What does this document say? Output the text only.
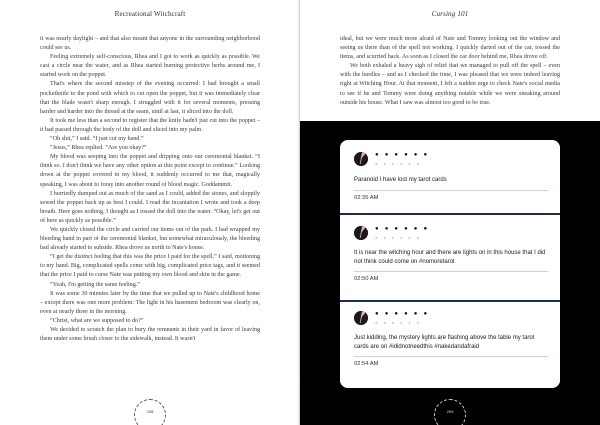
Recreational Witchcraft

it was nearly daylight – and that also meant that anyone in the surrounding neighborhood could see us.

Feeling extremely self-conscious, Rhea and I got to work as quickly as possible. We cast a circle near the water, and as Rhea started burning protective herbs around me, I started work on the poppet.

That's where the second misstep of the evening occurred: I had brought a small pocketknife to the pond with which to cut open the poppet, but it was immediately clear that the blade wasn't sharp enough. I struggled with it for several moments, pressing harder and harder into the thread at the seam, until at last, it sliced into the doll.

It took me less than a second to register that the knife hadn't just cut into the poppet – it had passed through the body of the doll and sliced into my palm.

“Oh shit,” I said. “I just cut my hand.”

“Jesus,” Rhea replied. “Are you okay?”

My blood was seeping into the poppet and dripping onto our ceremonial blanket. “I think so. I don't think we have any other option at this point except to continue.” Looking down at the poppet covered in my blood, it suddenly occurred to me that, magically speaking, I was about to foray into another round of blood magic. Goddammit.

I hurriedly dumped out as much of the sand as I could, added the stones, and sloppily sewed the poppet back up as best I could. I read the incantation I wrote and took a deep breath. Here goes nothing, I thought as I tossed the doll into the water. “Okay, let's get out of here as quickly as possible.”

We quickly closed the circle and carried our items out of the park. I had wrapped my bleeding hand in part of the ceremonial blanket, but somewhat miraculously, the bleeding had already started to subside. Rhea drove us north to Nate's house.

“I get the distinct feeling that this was the price I paid for the spell,” I said, motioning to my hand. Big, complicated spells come with big, complicated price tags, and it seemed that the price I paid to curse Nate was putting my own blood and skin in the game.

“Yeah, I'm getting the same feeling.”

It was some 30 minutes later by the time that we pulled up to Nate's childhood home – except there was one more problem: The light in his basement bedroom was clearly on, even at nearly three in the morning.

“Christ, what are we supposed to do?”

We decided to scratch the plan to bury the remnants in their yard in favor of leaving them under some brush closer to the sidewalk, instead. It wasn't

208
Cursing 101

ideal, but we were much more afraid of Nate and Tommy looking out the window and seeing us there than of the spell not working. I quickly darted out of the car, tossed the items, and scurried back. As soon as I closed the car door behind me, Rhea drove off.

We both exhaled a heavy sigh of relief that we managed to pull off the spell – even with the hurdles – and as I checked the time, I was pleased that we were indeed leaving right at Witching Hour. At that moment, I felt a sudden urge to check Nate's social media to see if he and Tommy were doing anything notable while we were sneaking around outside his house. What I saw was almost too good to be true.

● ● ● ● ● ●
● ● ● ● ● ●
Paranoid I have lost my tarot cards
02:35 AM
● ● ● ● ● ●
● ● ● ● ● ●
It is near the witching hour and there are lights on in this house that I did not think could come on #nomoretarot
02:50 AM
● ● ● ● ● ●
● ● ● ● ● ●
Just kidding, the mystery lights are flashing above the table my tarot cards are on #ididnotneedthis #nakedandafraid
02:54 AM
209
